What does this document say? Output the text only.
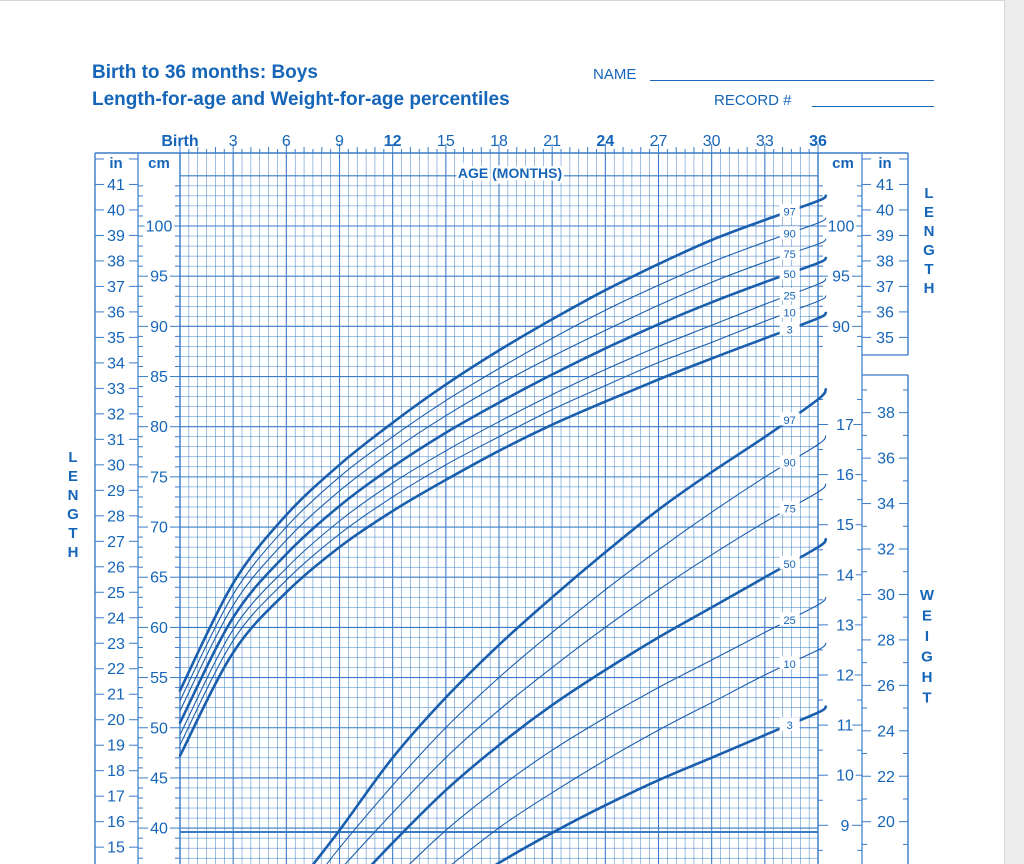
Birth to 36 months: Boys
Length-for-age and Weight-for-age percentiles
NAME
RECORD #
97
90
75
50
25
10
3
97
90
75
50
25
10
3
Birth 3	6	9 12 15 18 21 24 27 30 33 36
AGE (MONTHS)
in cm	cm in
15
16
17
18
19
20
21
22
23
24
25
26
27
28
29
30
31
32
33
34
35	35
36	36
37	37
38	38
39	39
40	40
41	41
40
45
50
55
60
65
70
75
80
85
90	90
95	95
100	100
9
10
11
12
13
14
15
16
17
20
22
24
26
28
30
32
34
36
38
L
E
N
G
T
H
L
E
N
G
T
H
W
E
I
G
H
T
